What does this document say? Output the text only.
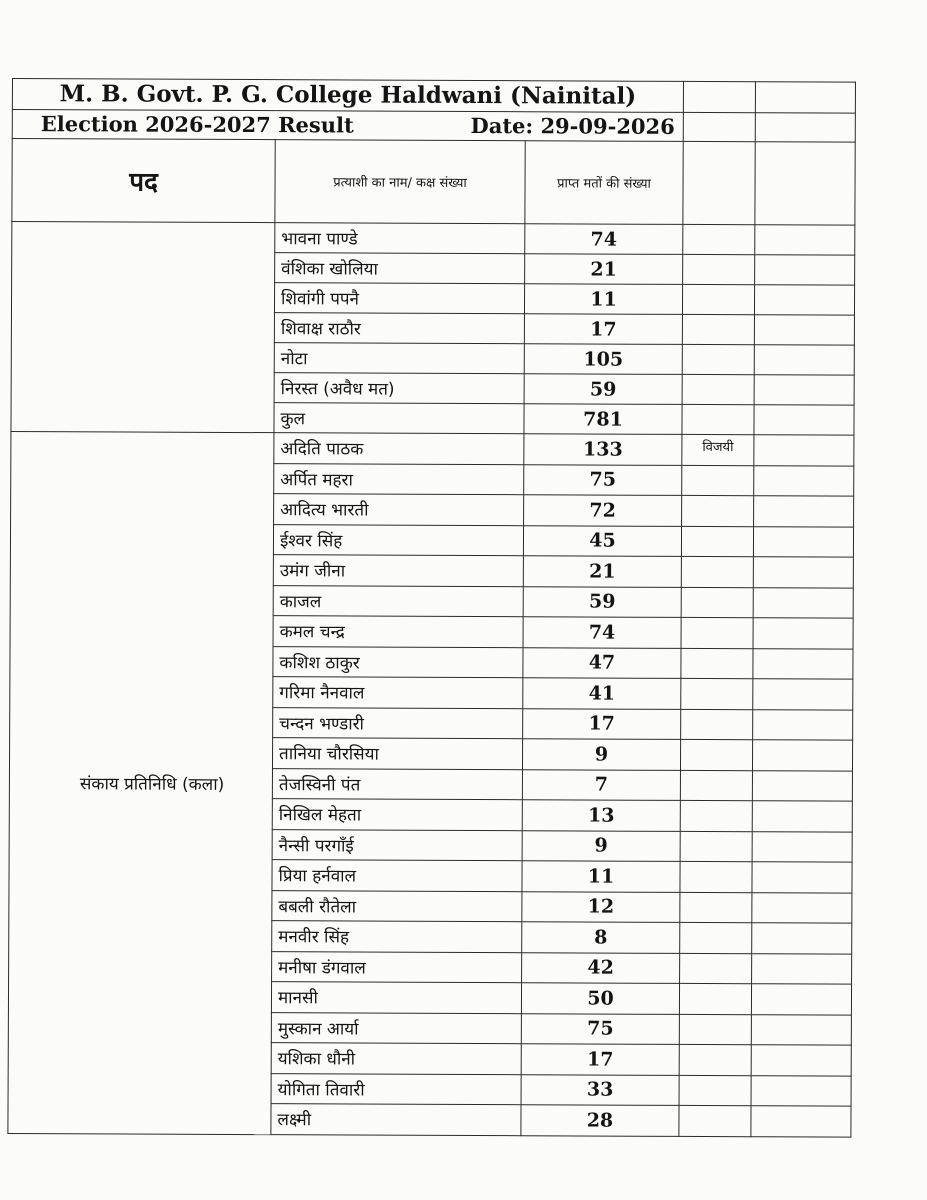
M. B. Govt. P. G. College Haldwani (Nainital)				

Election 2026-2027 Result Date: 29-09-2026				

पद	प्रत्याशी का नाम/ कक्ष संख्या	प्राप्त मतों की संख्या		
	भावना पाण्डे	74		
	वंशिका खोलिया	21		
	शिवांगी पपनै	11		
	शिवाक्ष राठौर	17		
	नोटा	105		
	निरस्त (अवैध मत)	59		
	कुल	781		
संकाय प्रतिनिधि (कला)	अदिति पाठक	133	विजयी	
	अर्पित महरा	75		
	आदित्य भारती	72		
	ईश्वर सिंह	45		
	उमंग जीना	21		
	काजल	59		
	कमल चन्द्र	74		
	कशिश ठाकुर	47		
	गरिमा नैनवाल	41		
	चन्दन भण्डारी	17		
	तानिया चौरसिया	9		
	तेजस्विनी पंत	7		
	निखिल मेहता	13		
	नैन्सी परगाँई	9		
	प्रिया हर्नवाल	11		
	बबली रौतेला	12		
	मनवीर सिंह	8		
	मनीषा डंगवाल	42		
	मानसी	50		
	मुस्कान आर्या	75		
	यशिका धौनी	17		
	योगिता तिवारी	33		
	लक्ष्मी	28		
